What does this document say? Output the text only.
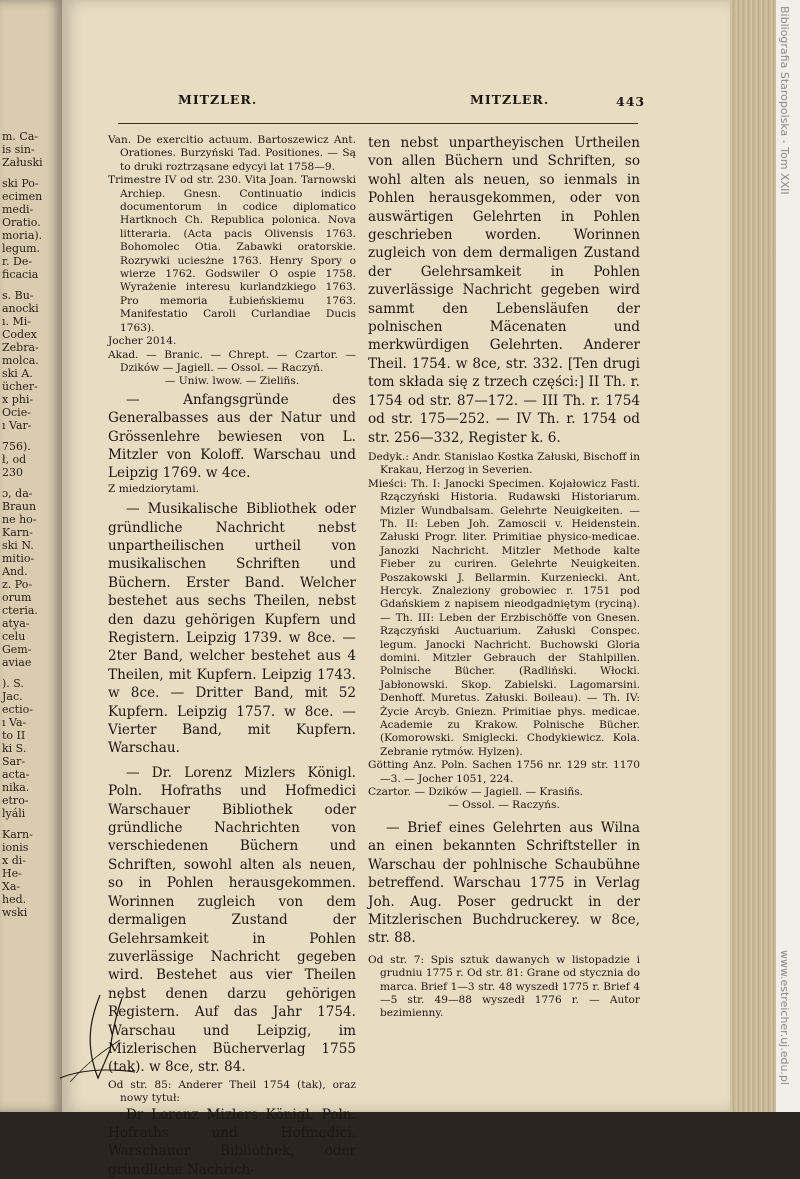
m. Ca-
is sin-
Załuski
ski Po-
ecimen
medi-
Oratio.
moria).
legum.
r. De-
ficacia
s. Bu-
anocki
ı. Mi-
Codex
Zebra-
molca.
ski A.
ücher-
x phi-
Ocie-
ı Var-
756).
ł, od
230
ɔ, da-
Braun
ne ho-
Karn-
ski N.
mitio-
And.
z. Po-
orum
cteria.
atya-
celu
Gem-
aviae
). S.
Jac.
ectio-
ı Va-
to II
ki S.
Sar-
acta-
nika.
etro-
lyáli
Karn-
ionis
x di-
He-
Xa-
hed.
wski
Bibliografia Staropolska - Tom XXII
www.estreicher.uj.edu.pl
MITZLER.	MITZLER.	443

Van. De exercitio actuum. Bartoszewicz Ant. Orationes. Burzyński Tad. Positiones. — Są to druki roztrząsane edycyi lat 1758—9.

Trimestre IV od str. 230. Vita Joan. Tarnowski Archiep. Gnesn. Continuatio indicis documentorum in codice diplomatico Hartknoch Ch. Republica polonica. Nova litteraria. (Acta pacis Olivensis 1763. Bohomolec Otia. Zabawki oratorskie. Rozrywki uciesżne 1763. Henry Spory o wierze 1762. Godswiler O ospie 1758. Wyrażenie interesu kurlandzkiego 1763. Pro memoria Łubieńskiemu 1763. Manifestatio Caroli Curlandiae Ducis 1763).

Jocher 2014.

Akad. — Branic. — Chrept. — Czartor. — Dzików — Jagiell. — Ossol. — Raczyń.

— Uniw. lwow. — Zieliñs.

— Anfangsgründe des Generalbasses aus der Natur und Grössenlehre bewiesen von L. Mitzler von Koloff. Warschau und Leipzig 1769. w 4ce.

Z miedziorytami.

— Musikalische Bibliothek oder gründliche Nachricht nebst unpartheilischen urtheil von musikalischen Schriften und Büchern. Erster Band. Welcher bestehet aus sechs Theilen, nebst den dazu gehörigen Kupfern und Registern. Leipzig 1739. w 8ce. — 2ter Band, welcher bestehet aus 4 Theilen, mit Kupfern. Leipzig 1743. w 8ce. — Dritter Band, mit 52 Kupfern. Leipzig 1757. w 8ce. — Vierter Band, mit Kupfern. Warschau.

— Dr. Lorenz Mizlers Königl. Poln. Hofraths und Hofmedici Warschauer Bibliothek oder gründliche Nachrichten von verschiedenen Büchern und Schriften, sowohl alten als neuen, so in Pohlen herausgekommen. Worinnen zugleich von dem dermaligen Zustand der Gelehrsamkeit in Pohlen zuverlässige Nachricht gegeben wird. Bestehet aus vier Theilen nebst denen darzu gehörigen Registern. Auf das Jahr 1754. Warschau und Leipzig, im Mizlerischen Bücherverlag 1755 (tak). w 8ce, str. 84.

Od str. 85: Anderer Theil 1754 (tak), oraz nowy tytuł:

Dr Lorenz Mizlers Königl. Poln. Hofraths und Hofmedici. Warschauer Bibliothek, oder gründliche Nachrich-

ten nebst unpartheyischen Urtheilen von allen Büchern und Schriften, so wohl alten als neuen, so ienmals in Pohlen herausgekommen, oder von auswärtigen Gelehrten in Pohlen geschrieben worden. Worinnen zugleich von dem dermaligen Zustand der Gelehrsamkeit in Pohlen zuverlässige Nachricht gegeben wird sammt den Lebensläufen der polnischen Mäcenaten und merkwürdigen Gelehrten. Anderer Theil. 1754. w 8ce, str. 332. [Ten drugi tom składa się z trzech części:] II Th. r. 1754 od str. 87—172. — III Th. r. 1754 od str. 175—252. — IV Th. r. 1754 od str. 256—332, Register k. 6.

Dedyk.: Andr. Stanislao Kostka Załuski, Bischoff in Krakau, Herzog in Severien.

Mieści: Th. I: Janocki Specimen. Kojałowicz Fasti. Rzączyński Historia. Rudawski Historiarum. Mizler Wundbalsam. Gelehrte Neuigkeiten. — Th. II: Leben Joh. Zamoscii v. Heidenstein. Załuski Progr. liter. Primitiae physico-medicae. Janozki Nachricht. Mitzler Methode kalte Fieber zu curiren. Gelehrte Neuigkeiten. Poszakowski J. Bellarmin. Kurzeniecki. Ant. Hercyk. Znaleziony grobowiec r. 1751 pod Gdańskiem z napisem nieodgadniętym (ryciną). — Th. III: Leben der Erzbischöffe von Gnesen. Rzączyński Auctuarium. Załuski Conspec. legum. Janocki Nachricht. Buchowski Gloria domini. Mitzler Gebrauch der Stahlpillen. Polnische Bücher. (Radliński. Włocki. Jabłonowski. Skop. Zabielski. Lagomarsini. Denhoff. Muretus. Załuski. Boileau). — Th. IV: Życie Arcyb. Gniezn. Primitiae phys. medicae. Academie zu Krakow. Polnische Bücher. (Komorowski. Smiglecki. Chodykiewicz. Kola. Zebranie rytmów. Hylzen).

Götting Anz. Poln. Sachen 1756 nr. 129 str. 1170—3. — Jocher 1051, 224.

Czartor. — Dzików — Jagiell. — Krasiñs.

— Ossol. — Raczyńs.

— Brief eines Gelehrten aus Wilna an einen bekannten Schriftsteller in Warschau der pohlnische Schaubühne betreffend. Warschau 1775 in Verlag Joh. Aug. Poser gedruckt in der Mitzlerischen Buchdruckerey. w 8ce, str. 88.

Od str. 7: Spis sztuk dawanych w listopadzie i grudniu 1775 r. Od str. 81: Grane od stycznia do marca. Brief 1—3 str. 48 wyszedł 1775 r. Brief 4—5 str. 49—88 wyszedł 1776 r. — Autor bezimienny.
